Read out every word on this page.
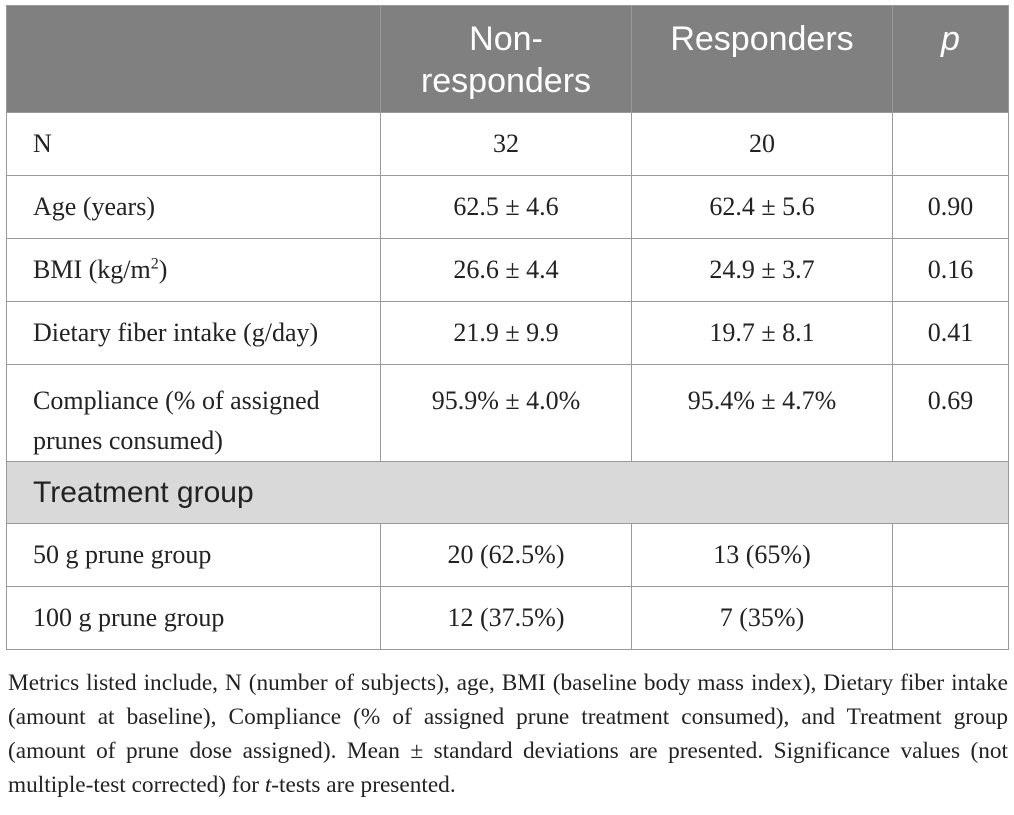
	Non-
responders	Responders	p
N	32	20	
Age (years)	62.5 ± 4.6	62.4 ± 5.6	0.90
BMI $(kg/m^2)$	26.6 ± 4.4	24.9 ± 3.7	0.16
Dietary fiber intake (g/day)	21.9 ± 9.9	19.7 ± 8.1	0.41
Compliance (% of assigned
prunes consumed)	95.9% ± 4.0%	95.4% ± 4.7%	0.69
Treatment group			
50 g prune group	20 (62.5%)	13 (65%)	
100 g prune group	12 (37.5%)	7 (35%)	
Metrics listed include, N (number of subjects), age, BMI (baseline body mass index), Dietary fiber intake (amount at baseline), Compliance (% of assigned prune treatment consumed), and Treatment group (amount of prune dose assigned). Mean ± standard deviations are presented. Significance values (not multiple-test corrected) for t-tests are presented.
